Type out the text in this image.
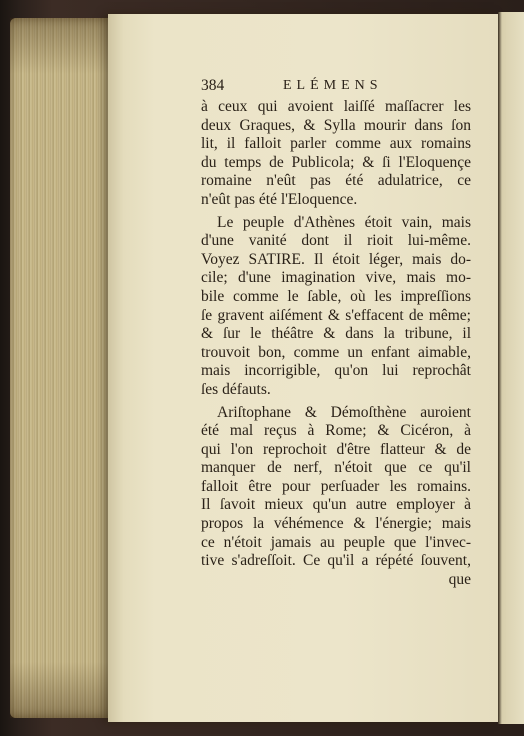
384	ELÉMENS
à ceux qui avoient laiſſé maſſacrer les
deux Graques, & Sylla mourir dans ſon
lit, il falloit parler comme aux romains
du temps de Publicola; & ſi l'Eloquençe
romaine n'eût pas été adulatrice, ce
n'eût pas été l'Eloquence.
Le peuple d'Athènes étoit vain, mais
d'une vanité dont il rioit lui-même.
Voyez SATIRE. Il étoit léger, mais do-
cile; d'une imagination vive, mais mo-
bile comme le ſable, où les impreſſions
ſe gravent aiſément & s'effacent de même;
& ſur le théâtre & dans la tribune, il
trouvoit bon, comme un enfant aimable,
mais incorrigible, qu'on lui reprochât
ſes défauts.
Ariſtophane & Démoſthène auroient
été mal reçus à Rome; & Cicéron, à
qui l'on reprochoit d'être flatteur & de
manquer de nerf, n'étoit que ce qu'il
falloit être pour perſuader les romains.
Il ſavoit mieux qu'un autre employer à
propos la véhémence & l'énergie; mais
ce n'étoit jamais au peuple que l'invec-
tive s'adreſſoit. Ce qu'il a répété ſouvent,
que
